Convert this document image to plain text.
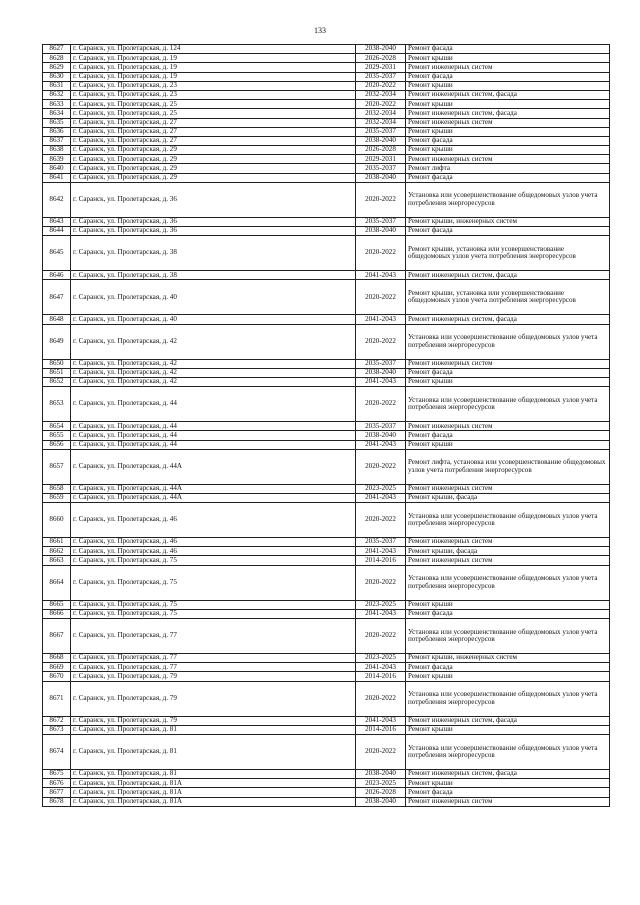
133
8627	г. Саранск, ул. Пролетарская, д. 124	2038-2040	Ремонт фасада
8628	г. Саранск, ул. Пролетарская, д. 19	2026-2028	Ремонт крыши
8629	г. Саранск, ул. Пролетарская, д. 19	2029-2031	Ремонт инженерных систем
8630	г. Саранск, ул. Пролетарская, д. 19	2035-2037	Ремонт фасада
8631	г. Саранск, ул. Пролетарская, д. 23	2020-2022	Ремонт крыши
8632	г. Саранск, ул. Пролетарская, д. 23	2032-2034	Ремонт инженерных систем, фасада
8633	г. Саранск, ул. Пролетарская, д. 25	2020-2022	Ремонт крыши
8634	г. Саранск, ул. Пролетарская, д. 25	2032-2034	Ремонт инженерных систем, фасада
8635	г. Саранск, ул. Пролетарская, д. 27	2032-2034	Ремонт инженерных систем
8636	г. Саранск, ул. Пролетарская, д. 27	2035-2037	Ремонт крыши
8637	г. Саранск, ул. Пролетарская, д. 27	2038-2040	Ремонт фасада
8638	г. Саранск, ул. Пролетарская, д. 29	2026-2028	Ремонт крыши
8639	г. Саранск, ул. Пролетарская, д. 29	2029-2031	Ремонт инженерных систем
8640	г. Саранск, ул. Пролетарская, д. 29	2035-2037	Ремонт лифта
8641	г. Саранск, ул. Пролетарская, д. 29	2038-2040	Ремонт фасада
8642	г. Саранск, ул. Пролетарская, д. 36	2020-2022	Установка или усовершенствование общедомовых узлов учета потребления энергоресурсов
8643	г. Саранск, ул. Пролетарская, д. 36	2035-2037	Ремонт крыши, инженерных систем
8644	г. Саранск, ул. Пролетарская, д. 36	2038-2040	Ремонт фасада
8645	г. Саранск, ул. Пролетарская, д. 38	2020-2022	Ремонт крыши, установка или усовершенствование общедомовых узлов учета потребления энергоресурсов
8646	г. Саранск, ул. Пролетарская, д. 38	2041-2043	Ремонт инженерных систем, фасада
8647	г. Саранск, ул. Пролетарская, д. 40	2020-2022	Ремонт крыши, установка или усовершенствование общедомовых узлов учета потребления энергоресурсов
8648	г. Саранск, ул. Пролетарская, д. 40	2041-2043	Ремонт инженерных систем, фасада
8649	г. Саранск, ул. Пролетарская, д. 42	2020-2022	Установка или усовершенствование общедомовых узлов учета потребления энергоресурсов
8650	г. Саранск, ул. Пролетарская, д. 42	2035-2037	Ремонт инженерных систем
8651	г. Саранск, ул. Пролетарская, д. 42	2038-2040	Ремонт фасада
8652	г. Саранск, ул. Пролетарская, д. 42	2041-2043	Ремонт крыши
8653	г. Саранск, ул. Пролетарская, д. 44	2020-2022	Установка или усовершенствование общедомовых узлов учета потребления энергоресурсов
8654	г. Саранск, ул. Пролетарская, д. 44	2035-2037	Ремонт инженерных систем
8655	г. Саранск, ул. Пролетарская, д. 44	2038-2040	Ремонт фасада
8656	г. Саранск, ул. Пролетарская, д. 44	2041-2043	Ремонт крыши
8657	г. Саранск, ул. Пролетарская, д. 44А	2020-2022	Ремонт лифта, установка или усовершенствование общедомовых узлов учета потребления энергоресурсов
8658	г. Саранск, ул. Пролетарская, д. 44А	2023-2025	Ремонт инженерных систем
8659	г. Саранск, ул. Пролетарская, д. 44А	2041-2043	Ремонт крыши, фасада
8660	г. Саранск, ул. Пролетарская, д. 46	2020-2022	Установка или усовершенствование общедомовых узлов учета потребления энергоресурсов
8661	г. Саранск, ул. Пролетарская, д. 46	2035-2037	Ремонт инженерных систем
8662	г. Саранск, ул. Пролетарская, д. 46	2041-2043	Ремонт крыши, фасада
8663	г. Саранск, ул. Пролетарская, д. 75	2014-2016	Ремонт инженерных систем
8664	г. Саранск, ул. Пролетарская, д. 75	2020-2022	Установка или усовершенствование общедомовых узлов учета потребления энергоресурсов
8665	г. Саранск, ул. Пролетарская, д. 75	2023-2025	Ремонт крыши
8666	г. Саранск, ул. Пролетарская, д. 75	2041-2043	Ремонт фасада
8667	г. Саранск, ул. Пролетарская, д. 77	2020-2022	Установка или усовершенствование общедомовых узлов учета потребления энергоресурсов
8668	г. Саранск, ул. Пролетарская, д. 77	2023-2025	Ремонт крыши, инженерных систем
8669	г. Саранск, ул. Пролетарская, д. 77	2041-2043	Ремонт фасада
8670	г. Саранск, ул. Пролетарская, д. 79	2014-2016	Ремонт крыши
8671	г. Саранск, ул. Пролетарская, д. 79	2020-2022	Установка или усовершенствование общедомовых узлов учета потребления энергоресурсов
8672	г. Саранск, ул. Пролетарская, д. 79	2041-2043	Ремонт инженерных систем, фасада
8673	г. Саранск, ул. Пролетарская, д. 81	2014-2016	Ремонт крыши
8674	г. Саранск, ул. Пролетарская, д. 81	2020-2022	Установка или усовершенствование общедомовых узлов учета потребления энергоресурсов
8675	г. Саранск, ул. Пролетарская, д. 81	2038-2040	Ремонт инженерных систем, фасада
8676	г. Саранск, ул. Пролетарская, д. 81А	2023-2025	Ремонт крыши
8677	г. Саранск, ул. Пролетарская, д. 81А	2026-2028	Ремонт фасада
8678	г. Саранск, ул. Пролетарская, д. 81А	2038-2040	Ремонт инженерных систем
